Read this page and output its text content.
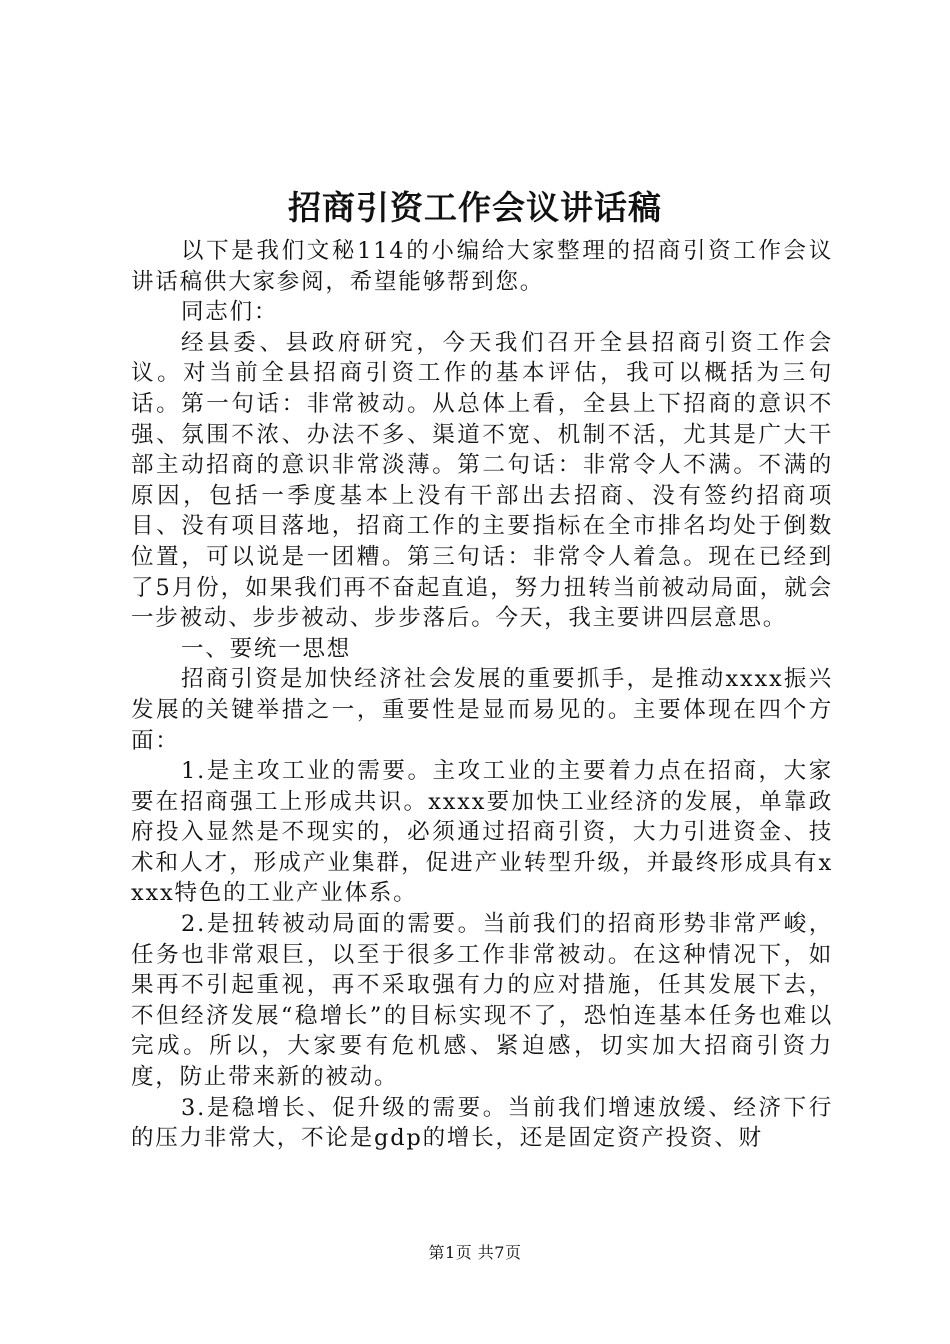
招商引资工作会议讲话稿

以下是我们文秘114的小编给大家整理的招商引资工作会议讲话稿供大家参阅，希望能够帮到您。

同志们：

经县委、县政府研究，今天我们召开全县招商引资工作会议。对当前全县招商引资工作的基本评估，我可以概括为三句话。第一句话：非常被动。从总体上看，全县上下招商的意识不强、氛围不浓、办法不多、渠道不宽、机制不活，尤其是广大干部主动招商的意识非常淡薄。第二句话：非常令人不满。不满的原因，包括一季度基本上没有干部出去招商、没有签约招商项目、没有项目落地，招商工作的主要指标在全市排名均处于倒数位置，可以说是一团糟。第三句话：非常令人着急。现在已经到了5月份，如果我们再不奋起直追，努力扭转当前被动局面，就会一步被动、步步被动、步步落后。今天，我主要讲四层意思。

一、要统一思想

招商引资是加快经济社会发展的重要抓手，是推动xxxx振兴发展的关键举措之一，重要性是显而易见的。主要体现在四个方面：

1.是主攻工业的需要。主攻工业的主要着力点在招商，大家要在招商强工上形成共识。xxxx要加快工业经济的发展，单靠政府投入显然是不现实的，必须通过招商引资，大力引进资金、技术和人才，形成产业集群，促进产业转型升级，并最终形成具有xxxx特色的工业产业体系。

2.是扭转被动局面的需要。当前我们的招商形势非常严峻，任务也非常艰巨，以至于很多工作非常被动。在这种情况下，如果再不引起重视，再不采取强有力的应对措施，任其发展下去，不但经济发展“稳增长”的目标实现不了，恐怕连基本任务也难以完成。所以，大家要有危机感、紧迫感，切实加大招商引资力度，防止带来新的被动。

3.是稳增长、促升级的需要。当前我们增速放缓、经济下行的压力非常大，不论是gdp的增长，还是固定资产投资、财

第1页 共7页
